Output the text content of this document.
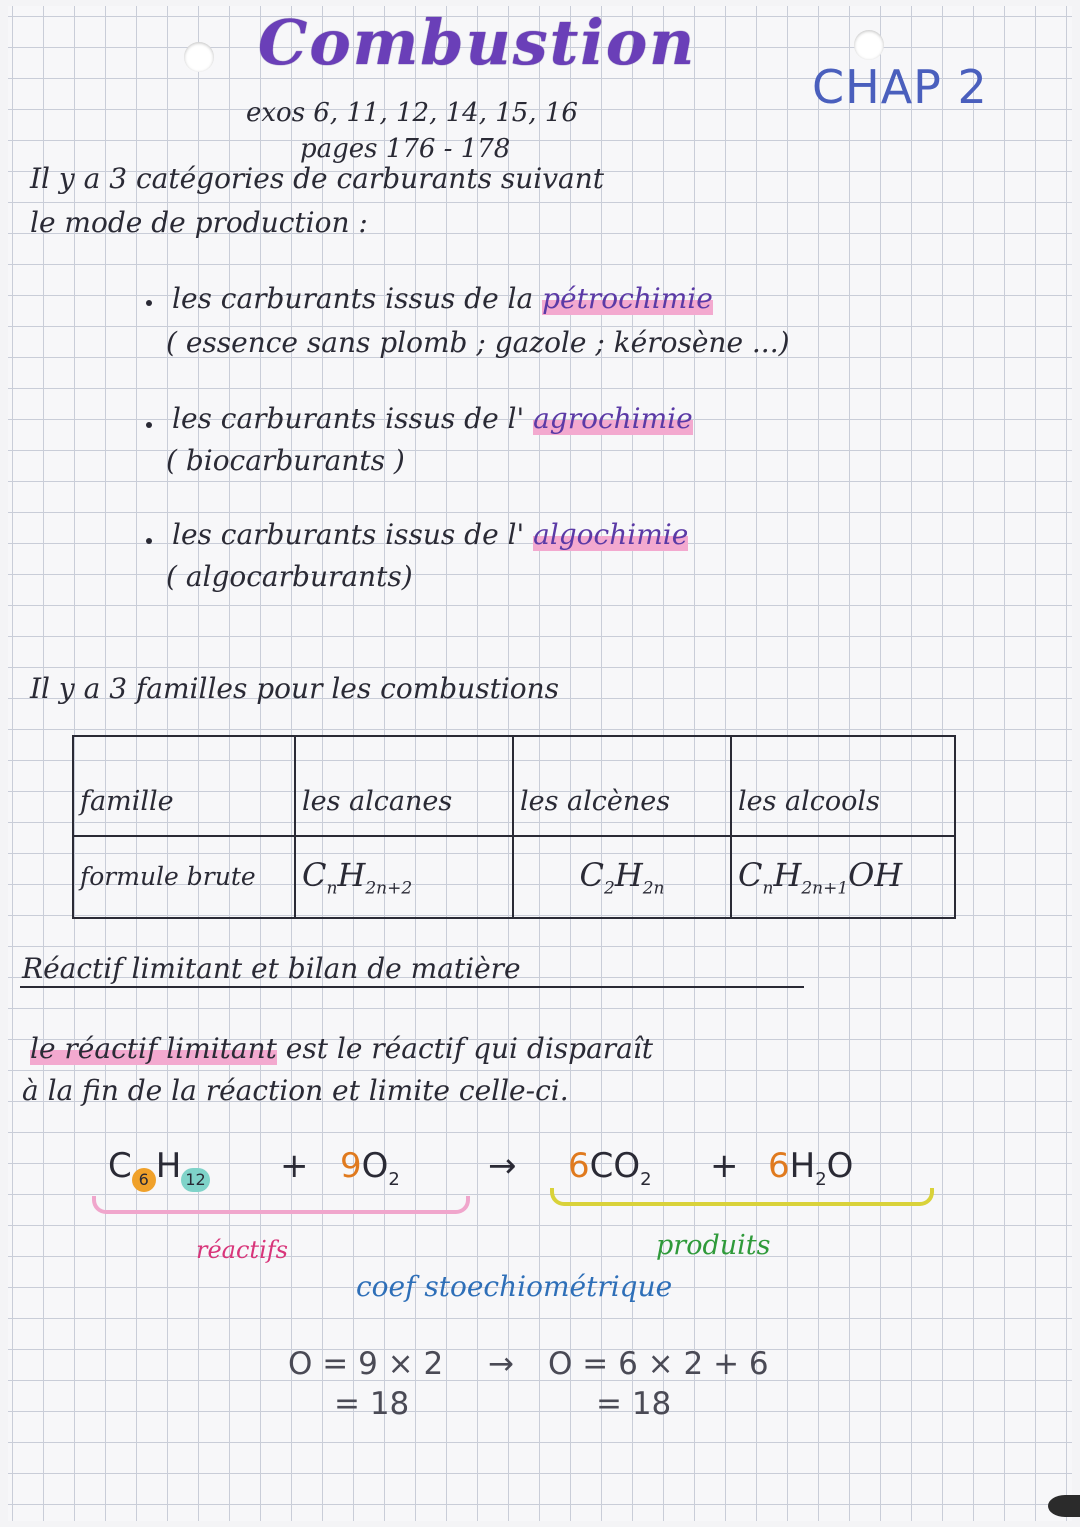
Combustion
CHAP 2
exos 6, 11, 12, 14, 15, 16
pages 176 - 178
Il y a 3 catégories de carburants suivant
le mode de production :
les carburants issus de la pétrochimie
( essence sans plomb ; gazole ; kérosène ...)
les carburants issus de l' agrochimie
( biocarburants )
les carburants issus de l' algochimie
( algocarburants)
Il y a 3 familles pour les combustions
famille	les alcanes	les alcènes	les alcools
formule brute	$C_nH_{2n+2}$	$C_2H_{2n}$	$C_nH_{2n+1}OH$
Réactif limitant et bilan de matière
le réactif limitant est le réactif qui disparaît
à la fin de la réaction et limite celle-ci.
C 6 H $12 + 9O_2$	→ $6CO_2 + 6H_2O$
réactifs	produits
coef stoechiométrique
O = 9 × 2 → O = 6 × 2 + 6
= 18	= 18
